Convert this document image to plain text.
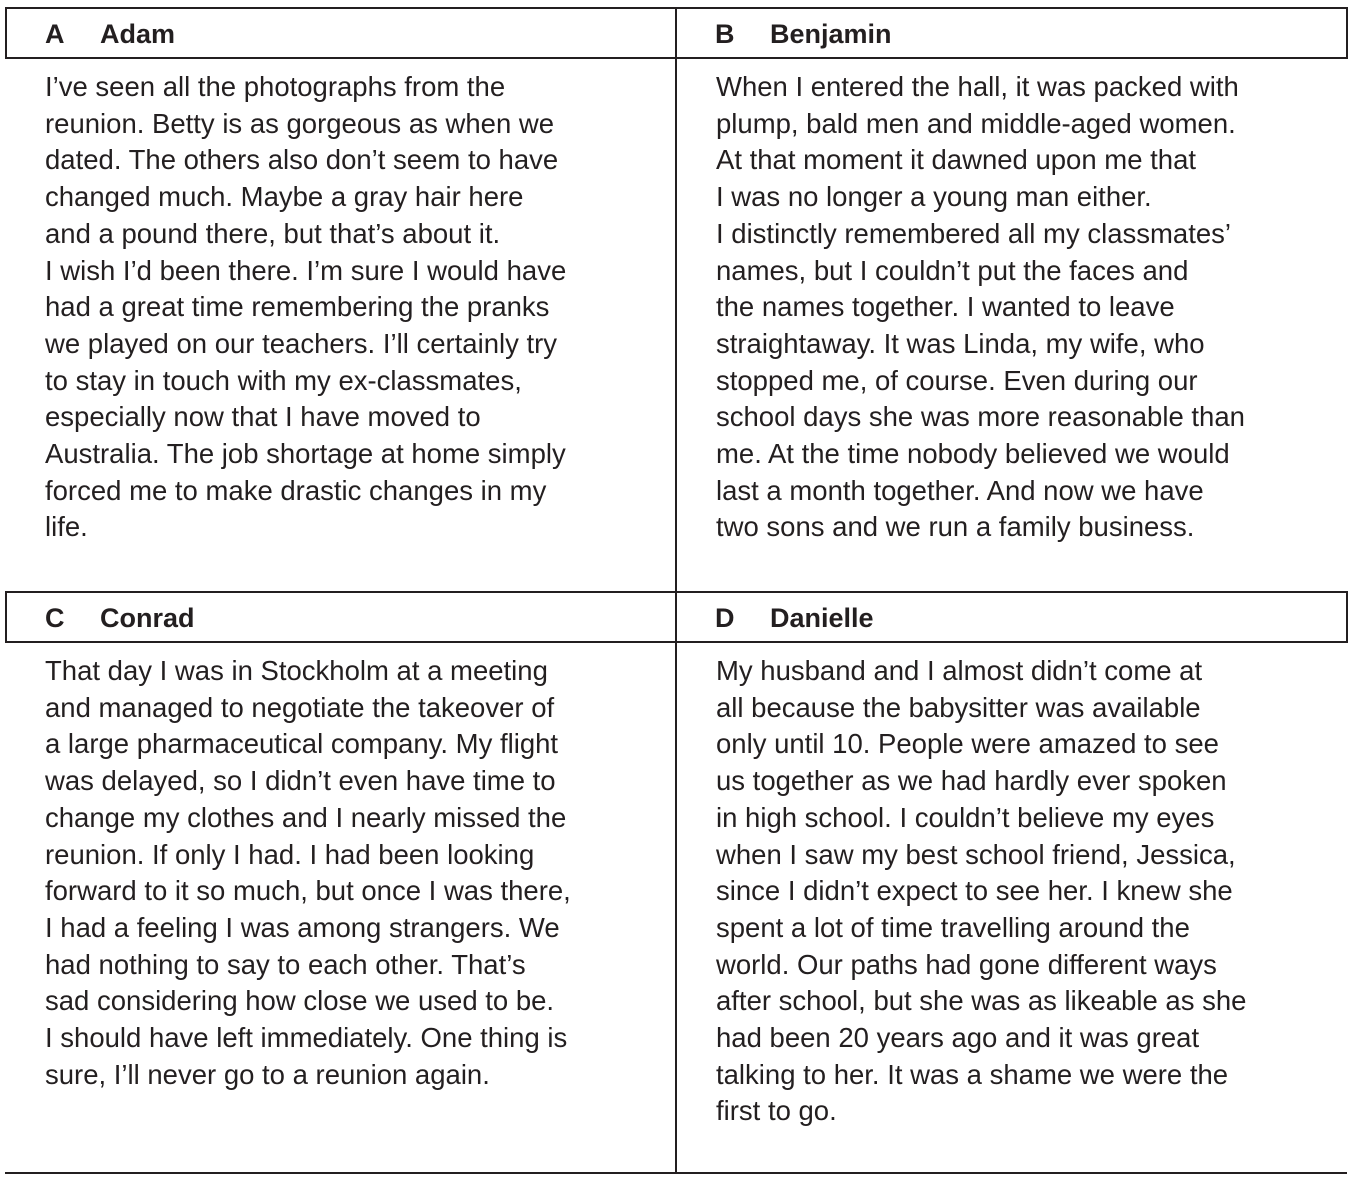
A Adam	B Benjamin
C Conrad	D Danielle
I’ve seen all the photographs from the
reunion. Betty is as gorgeous as when we
dated. The others also don’t seem to have
changed much. Maybe a gray hair here
and a pound there, but that’s about it.
I wish I’d been there. I’m sure I would have
had a great time remembering the pranks
we played on our teachers. I’ll certainly try
to stay in touch with my ex-classmates,
especially now that I have moved to
Australia. The job shortage at home simply
forced me to make drastic changes in my
life.
When I entered the hall, it was packed with
plump, bald men and middle-aged women.
At that moment it dawned upon me that
I was no longer a young man either.
I distinctly remembered all my classmates’
names, but I couldn’t put the faces and
the names together. I wanted to leave
straightaway. It was Linda, my wife, who
stopped me, of course. Even during our
school days she was more reasonable than
me. At the time nobody believed we would
last a month together. And now we have
two sons and we run a family business.
That day I was in Stockholm at a meeting
and managed to negotiate the takeover of
a large pharmaceutical company. My flight
was delayed, so I didn’t even have time to
change my clothes and I nearly missed the
reunion. If only I had. I had been looking
forward to it so much, but once I was there,
I had a feeling I was among strangers. We
had nothing to say to each other. That’s
sad considering how close we used to be.
I should have left immediately. One thing is
sure, I’ll never go to a reunion again.
My husband and I almost didn’t come at
all because the babysitter was available
only until 10. People were amazed to see
us together as we had hardly ever spoken
in high school. I couldn’t believe my eyes
when I saw my best school friend, Jessica,
since I didn’t expect to see her. I knew she
spent a lot of time travelling around the
world. Our paths had gone different ways
after school, but she was as likeable as she
had been 20 years ago and it was great
talking to her. It was a shame we were the
first to go.
